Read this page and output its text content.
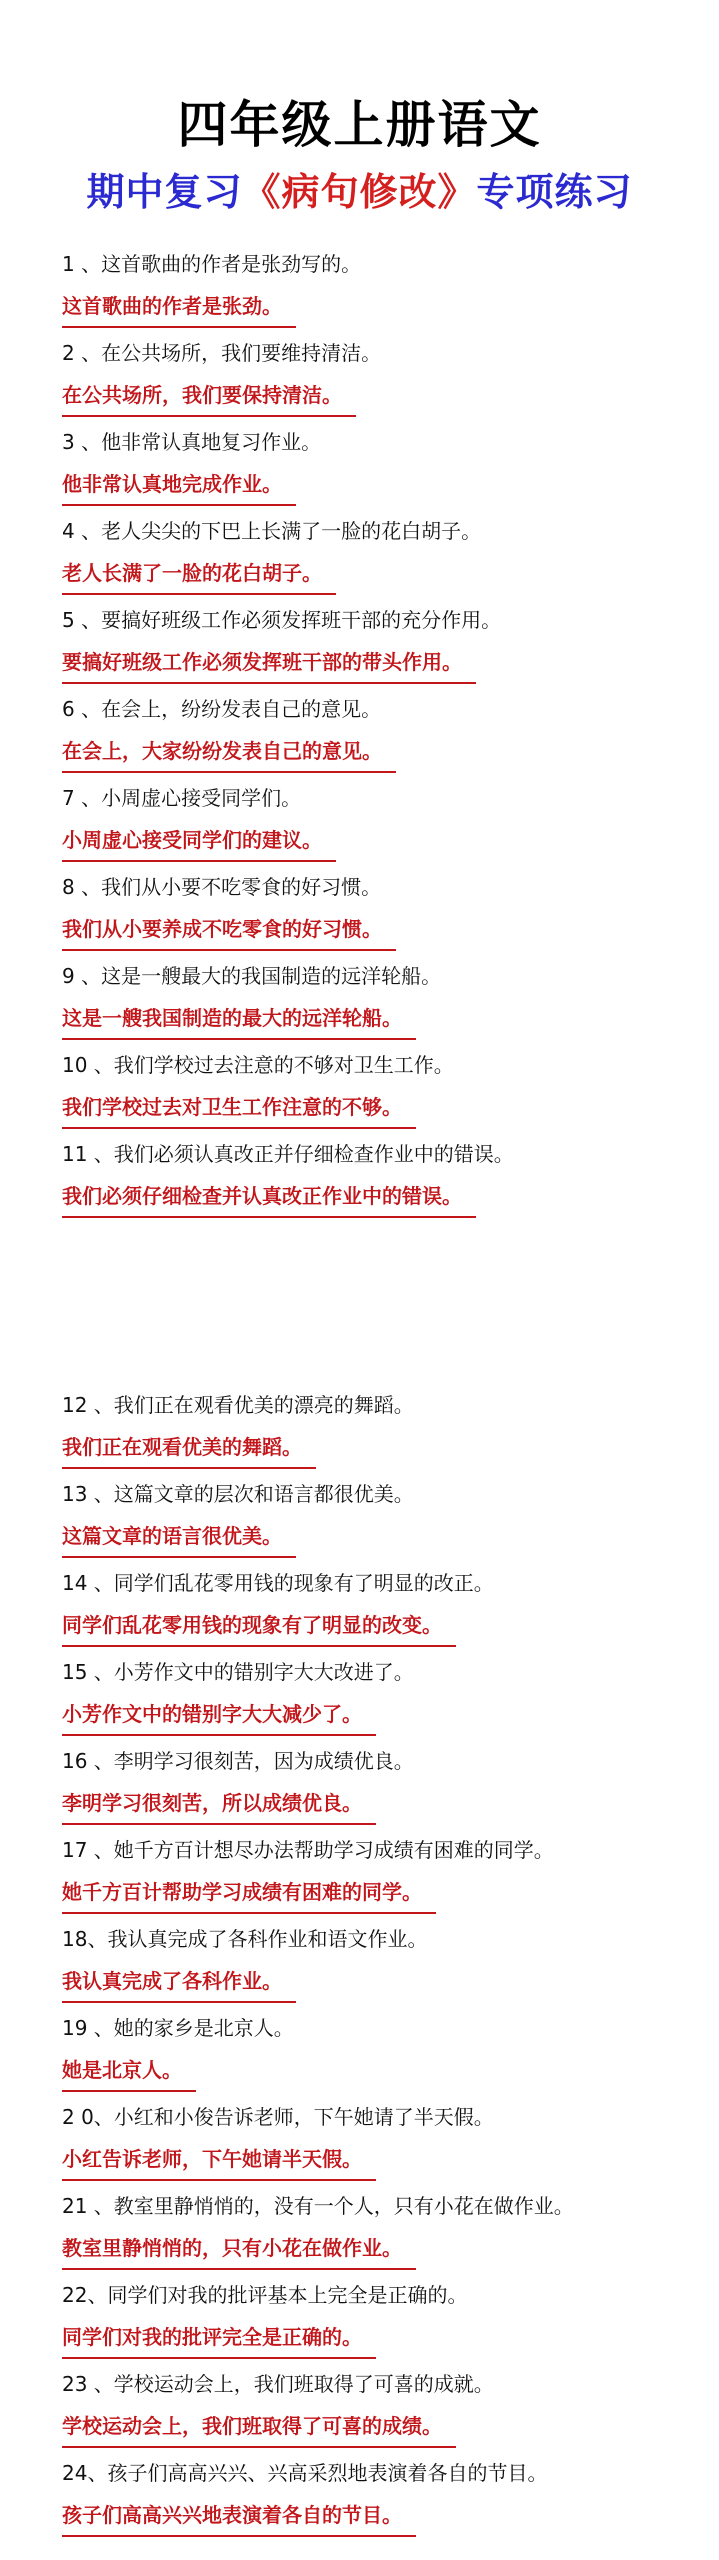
四年级上册语文
期中复习《病句修改》专项练习
1 、这首歌曲的作者是张劲写的。
这首歌曲的作者是张劲。
2 、在公共场所，我们要维持清洁。
在公共场所，我们要保持清洁。
3 、他非常认真地复习作业。
他非常认真地完成作业。
4 、老人尖尖的下巴上长满了一脸的花白胡子。
老人长满了一脸的花白胡子。
5 、要搞好班级工作必须发挥班干部的充分作用。
要搞好班级工作必须发挥班干部的带头作用。
6 、在会上，纷纷发表自己的意见。
在会上，大家纷纷发表自己的意见。
7 、小周虚心接受同学们。
小周虚心接受同学们的建议。
8 、我们从小要不吃零食的好习惯。
我们从小要养成不吃零食的好习惯。
9 、这是一艘最大的我国制造的远洋轮船。
这是一艘我国制造的最大的远洋轮船。
10 、我们学校过去注意的不够对卫生工作。
我们学校过去对卫生工作注意的不够。
11 、我们必须认真改正并仔细检查作业中的错误。
我们必须仔细检查并认真改正作业中的错误。
12 、我们正在观看优美的漂亮的舞蹈。
我们正在观看优美的舞蹈。
13 、这篇文章的层次和语言都很优美。
这篇文章的语言很优美。
14 、同学们乱花零用钱的现象有了明显的改正。
同学们乱花零用钱的现象有了明显的改变。
15 、小芳作文中的错别字大大改进了。
小芳作文中的错别字大大减少了。
16 、李明学习很刻苦，因为成绩优良。
李明学习很刻苦，所以成绩优良。
17 、她千方百计想尽办法帮助学习成绩有困难的同学。
她千方百计帮助学习成绩有困难的同学。
18、我认真完成了各科作业和语文作业。
我认真完成了各科作业。
19 、她的家乡是北京人。
她是北京人。
2 0、小红和小俊告诉老师，下午她请了半天假。
小红告诉老师，下午她请半天假。
21 、教室里静悄悄的，没有一个人，只有小花在做作业。
教室里静悄悄的，只有小花在做作业。
22、同学们对我的批评基本上完全是正确的。
同学们对我的批评完全是正确的。
23 、学校运动会上，我们班取得了可喜的成就。
学校运动会上，我们班取得了可喜的成绩。
24、孩子们高高兴兴、兴高采烈地表演着各自的节目。
孩子们高高兴兴地表演着各自的节目。
